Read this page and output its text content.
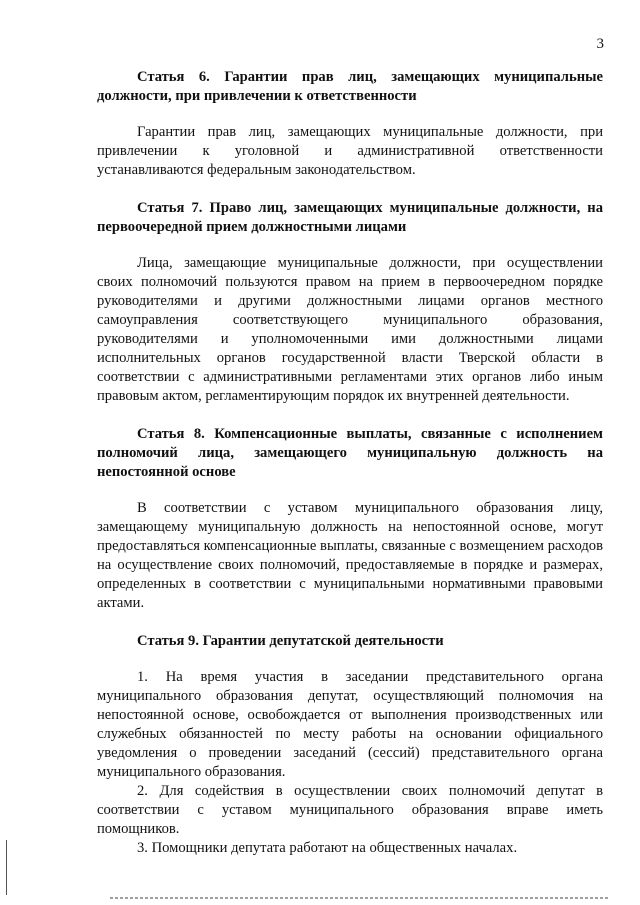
3

Статья 6. Гарантии прав лиц, замещающих муниципальные должности, при привлечении к ответственности

Гарантии прав лиц, замещающих муниципальные должности, при привлечении к уголовной и административной ответственности устанавливаются федеральным законодательством.

Статья 7. Право лиц, замещающих муниципальные должности, на первоочередной прием должностными лицами

Лица, замещающие муниципальные должности, при осуществлении своих полномочий пользуются правом на прием в первоочередном порядке руководителями и другими должностными лицами органов местного самоуправления соответствующего муниципального образования, руководителями и уполномоченными ими должностными лицами исполнительных органов государственной власти Тверской области в соответствии с административными регламентами этих органов либо иным правовым актом, регламентирующим порядок их внутренней деятельности.

Статья 8. Компенсационные выплаты, связанные с исполнением полномочий лица, замещающего муниципальную должность на непостоянной основе

В соответствии с уставом муниципального образования лицу, замещающему муниципальную должность на непостоянной основе, могут предоставляться компенсационные выплаты, связанные с возмещением расходов на осуществление своих полномочий, предоставляемые в порядке и размерах, определенных в соответствии с муниципальными нормативными правовыми актами.

Статья 9. Гарантии депутатской деятельности

1. На время участия в заседании представительного органа муниципального образования депутат, осуществляющий полномочия на непостоянной основе, освобождается от выполнения производственных или служебных обязанностей по месту работы на основании официального уведомления о проведении заседаний (сессий) представительного органа муниципального образования.

2. Для содействия в осуществлении своих полномочий депутат в соответствии с уставом муниципального образования вправе иметь помощников.

3. Помощники депутата работают на общественных началах.
